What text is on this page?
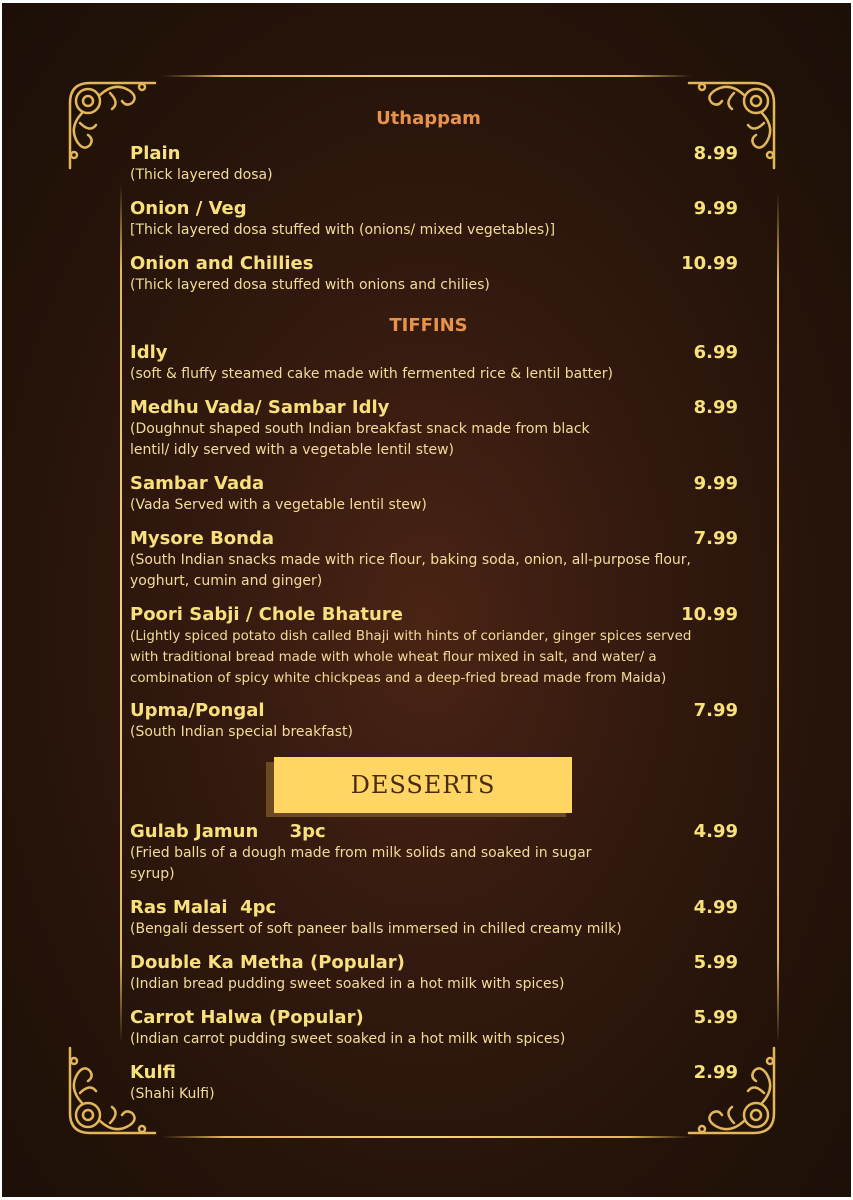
Uthappam
Plain	8.99
(Thick layered dosa)
Onion / Veg	9.99
[Thick layered dosa stuffed with (onions/ mixed vegetables)]
Onion and Chillies	10.99
(Thick layered dosa stuffed with onions and chilies)
TIFFINS
Idly	6.99
(soft & fluffy steamed cake made with fermented rice & lentil batter)
Medhu Vada/ Sambar Idly	8.99
(Doughnut shaped south Indian breakfast snack made from black lentil/ idly served with a vegetable lentil stew)
Sambar Vada	9.99
(Vada Served with a vegetable lentil stew)
Mysore Bonda	7.99
(South Indian snacks made with rice flour, baking soda, onion, all-purpose flour, yoghurt, cumin and ginger)
Poori Sabji / Chole Bhature	10.99
(Lightly spiced potato dish called Bhaji with hints of coriander, ginger spices served with traditional bread made with whole wheat flour mixed in salt, and water/ a combination of spicy white chickpeas and a deep-fried bread made from Maida)
Upma/Pongal	7.99
(South Indian special breakfast)
DESSERTS
Gulab Jamun     3pc	4.99
(Fried balls of a dough made from milk solids and soaked in sugar syrup)
Ras Malai  4pc	4.99
(Bengali dessert of soft paneer balls immersed in chilled creamy milk)
Double Ka Metha (Popular)	5.99
(Indian bread pudding sweet soaked in a hot milk with spices)
Carrot Halwa (Popular)	5.99
(Indian carrot pudding sweet soaked in a hot milk with spices)
Kulfi	2.99
(Shahi Kulfi)
